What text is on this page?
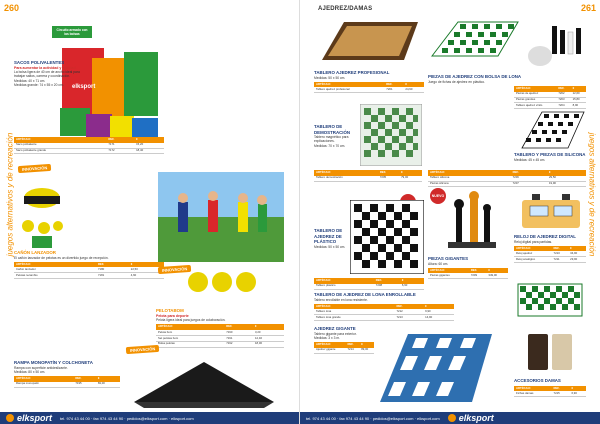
260
juegos alternativos y de recreación
elksport
Circuito armado con las bolsas
SACOS POLIVALENTES
Para aumentar la actividad y agilidad.
La bolsa ligera de 40 cm de ancho ideal para trabajar saltos, carrera y coordinación.
Medidas: 40 x 71 cm.
Medidas grande: 74 x 55 x 20 cm.
ARTÍCULO	REF.	€
Saco polivalente	7171	15,20
Saco polivalente grande	7172	18,40
INNOVACIÓN
CAÑÓN LANZADOR
El cañón lanzador de pelotas es un divertido juego de recepción.
ARTÍCULO	REF.	€
Cañón lanzador	7180	22,50
Pelotas recambio	7181	4,60
INNOVACIÓN
PELOTABOM
Pelota para deporte
Pelota ligera ideal para juegos de colaboración.
ARTÍCULO	REF.	€
Pelota bom	7190	3,20
Set pelotas bom	7191	12,40
Bolsa pelotas	7192	18,00
RAMPA MONOPATÍN Y COLCHONETA
Rampa con superficie antideslizante.
Medidas: 80 x 50 cm.
ARTÍCULO	REF.	€
Rampa monopatín	7195	69,00
INNOVACIÓN
elksport tel. 974 43 44 00 · fax 974 43 44 90 · pedidos@elksport.com · elksport.com
261
juegos alternativos y de recreación
AJEDREZ/DAMAS
TABLERO AJEDREZ PROFESIONAL
Medidas: 50 x 50 cm.
ARTÍCULO	REF.	€
Tablero ajedrez profesional	7201	24,90
PIEZAS DE AJEDREZ CON BOLSA DE LONA
Juego de fichas de ajedrez en plástico.
ARTÍCULO	REF.	€
Piezas de ajedrez	7202	12,60
Piezas grandes	7203	15,80
Tablero ajedrez vinilo	7204	8,90
TABLERO DE DEMOSTRACIÓN
Tablero magnético para explicaciones.
Medidas: 70 x 70 cm.
ARTÍCULO	REF.	€
Tablero demostración	7205	79,00
TABLERO Y PIEZAS DE SILICONA
Medidas: 45 x 45 cm.
ARTÍCULO	REF.	€
Tablero silicona	7206	29,50
Piezas silicona	7207	19,90
TABLERO DE AJEDREZ DE PLÁSTICO
Medidas: 50 x 50 cm.
ARTÍCULO	REF.	€
Tablero plástico	7208	6,90
NUEVO
PIEZAS GIGANTES
Altura: 60 cm.
ARTÍCULO	REF.	€
Piezas gigantes	7209	349,00
RELOJ DE AJEDREZ DIGITAL
Reloj digital para partidas.
ARTÍCULO	REF.	€
Reloj ajedrez	7210	34,90
Reloj analógico	7211	29,90
TABLERO DE AJEDREZ DE LONA ENROLLABLE
Tablero enrollable en lona resistente.
ARTÍCULO	REF.	€
Tablero lona	7212	9,90
Tablero lona grande	7213	14,90
AJEDREZ GIGANTE
Tablero gigante para exterior.
Medidas: 3 x 3 m.
ARTÍCULO	REF.	€
Ajedrez gigante	7214	89,00
ACCESORIOS DAMAS
ARTÍCULO	REF.	€
Fichas damas	7215	6,90
tel. 974 43 44 00 · fax 974 43 44 90 · pedidos@elksport.com · elksport.com elksport
